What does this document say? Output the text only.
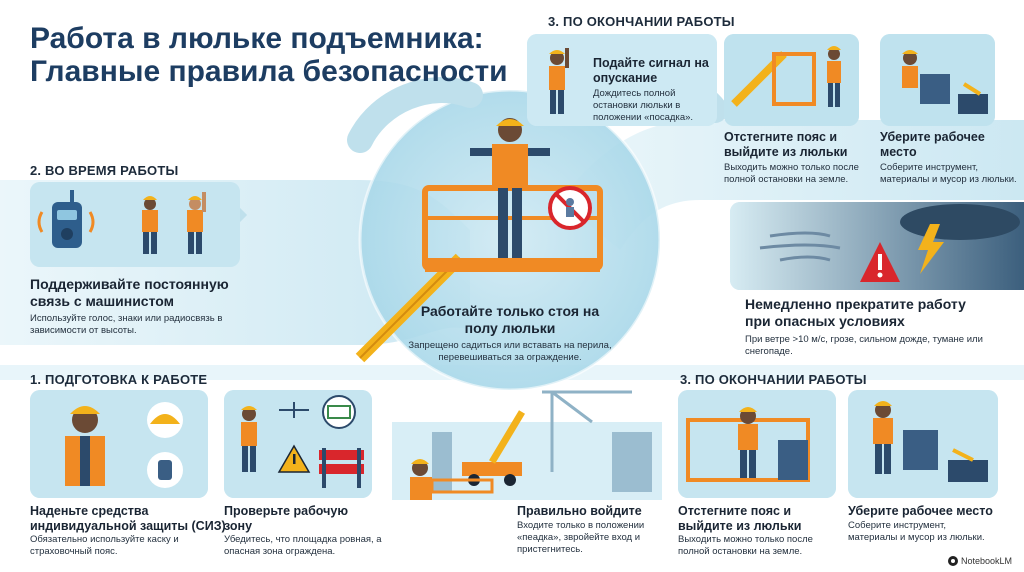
Работа в люльке подъемника: Главные правила безопасности
2. ВО ВРЕМЯ РАБОТЫ
Поддерживайте постоянную связь с машинистом
Используйте голос, знаки или радиосвязь в зависимости от высоты.
Работайте только стоя на полу люльки
Запрещено садиться или вставать на перила, перевешиваться за ограждение.
3. ПО ОКОНЧАНИИ РАБОТЫ
Подайте сигнал на опускание
Дождитесь полной остановки люльки в положении «посадка».
Отстегните пояс и выйдите из люльки
Выходить можно только после полной остановки на земле.
Уберите рабочее место
Соберите инструмент, материалы и мусор из люльки.
Немедленно прекратите работу при опасных условиях
При ветре >10 м/с, грозе, сильном дожде, тумане или снегопаде.
1. ПОДГОТОВКА К РАБОТЕ
Наденьте средства индивидуальной защиты (СИЗ)
Обязательно используйте каску и страховочный пояс.
Проверьте рабочую зону
Убедитесь, что площадка ровная, а опасная зона ограждена.
Правильно войдите
Входите только в положении «пеадка», звройейте вход и пристегнитесь.
3. ПО ОКОНЧАНИИ РАБОТЫ
Отстегните пояс и выйдите из люльки
Выходить можно только после полной остановки на земле.
Уберите рабочее место
Соберите инструмент, материалы и мусор из люльки.
NotebookLM
